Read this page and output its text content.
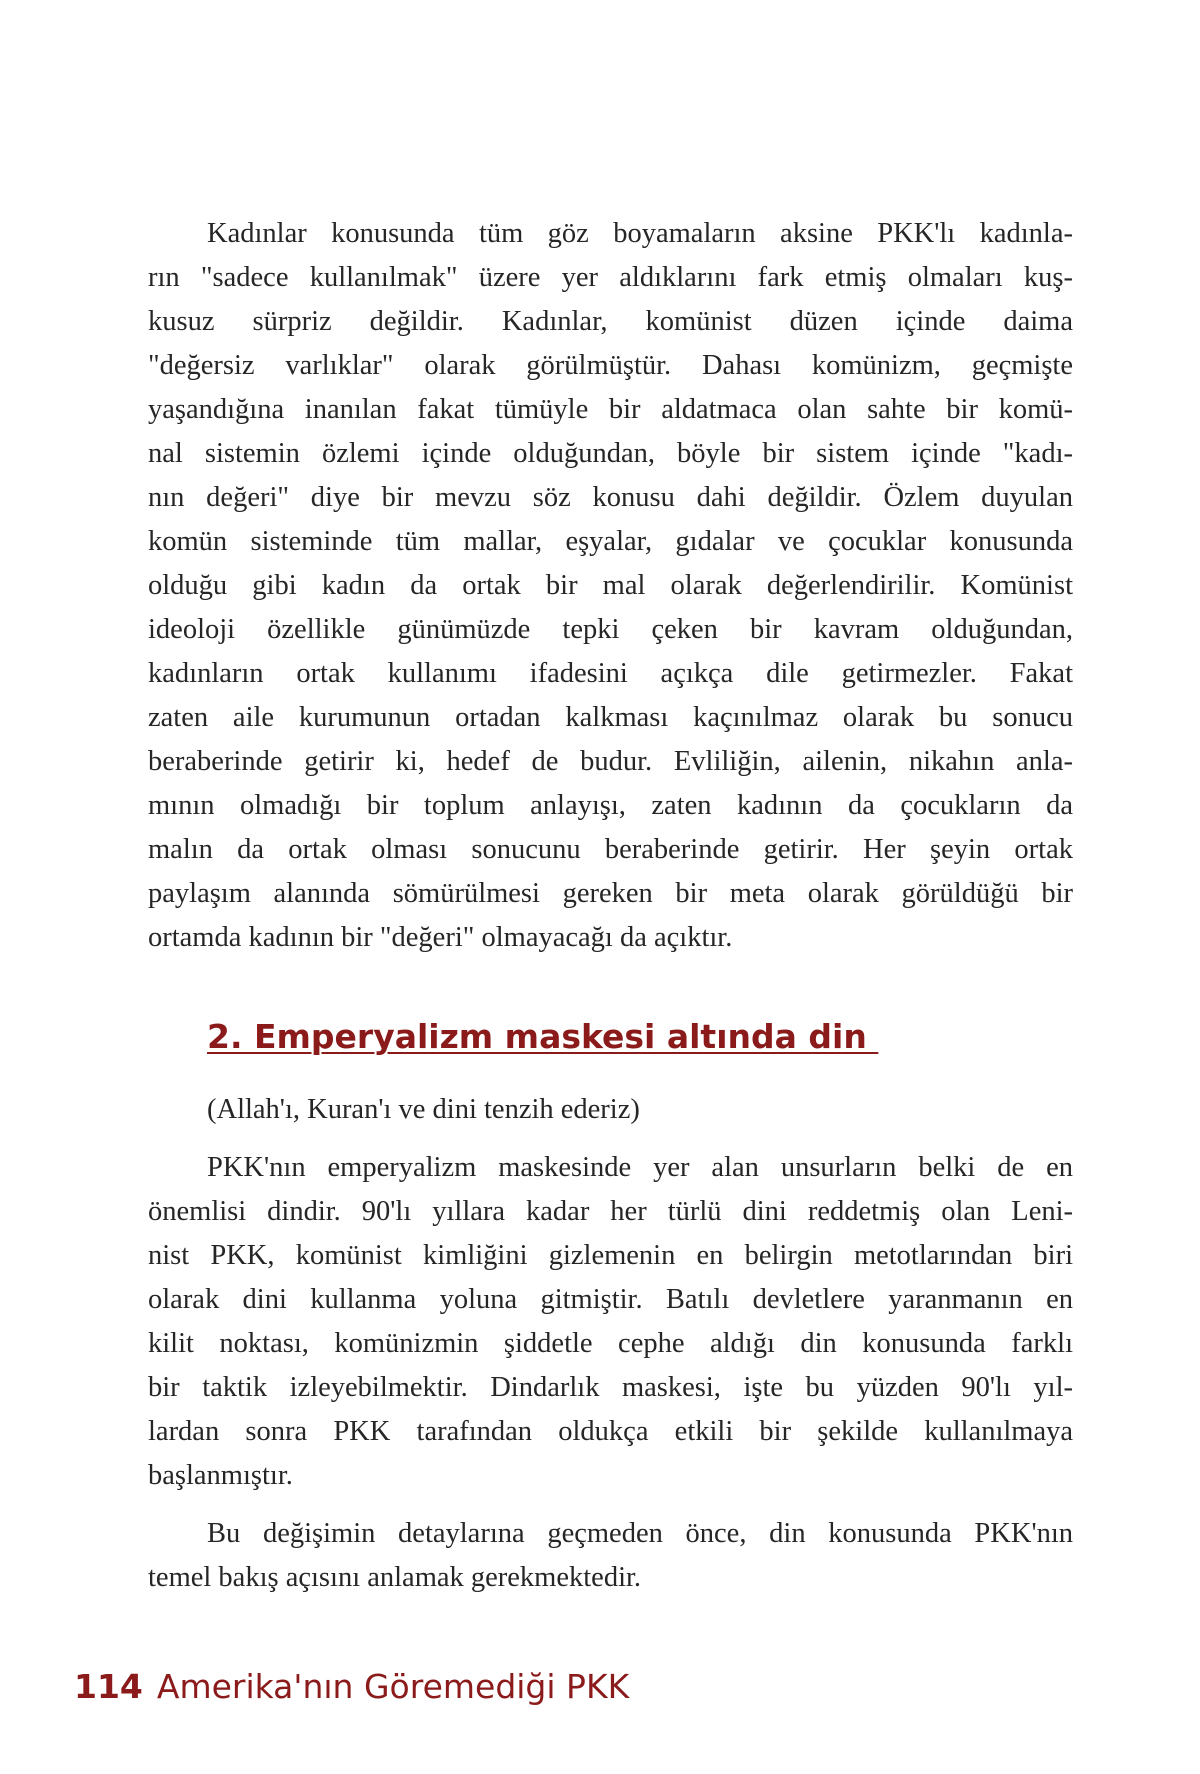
Kadınlar konusunda tüm göz boyamaların aksine PKK'lı kadınla-

rın "sadece kullanılmak" üzere yer aldıklarını fark etmiş olmaları kuş-

kusuz sürpriz değildir. Kadınlar, komünist düzen içinde daima

"değersiz varlıklar" olarak görülmüştür. Dahası komünizm, geçmişte

yaşandığına inanılan fakat tümüyle bir aldatmaca olan sahte bir komü-

nal sistemin özlemi içinde olduğundan, böyle bir sistem içinde "kadı-

nın değeri" diye bir mevzu söz konusu dahi değildir. Özlem duyulan

komün sisteminde tüm mallar, eşyalar, gıdalar ve çocuklar konusunda

olduğu gibi kadın da ortak bir mal olarak değerlendirilir. Komünist

ideoloji özellikle günümüzde tepki çeken bir kavram olduğundan,

kadınların ortak kullanımı ifadesini açıkça dile getirmezler. Fakat

zaten aile kurumunun ortadan kalkması kaçınılmaz olarak bu sonucu

beraberinde getirir ki, hedef de budur. Evliliğin, ailenin, nikahın anla-

mının olmadığı bir toplum anlayışı, zaten kadının da çocukların da

malın da ortak olması sonucunu beraberinde getirir. Her şeyin ortak

paylaşım alanında sömürülmesi gereken bir meta olarak görüldüğü bir

ortamda kadının bir "değeri" olmayacağı da açıktır.

2. Emperyalizm maskesi altında din

(Allah'ı, Kuran'ı ve dini tenzih ederiz)

PKK'nın emperyalizm maskesinde yer alan unsurların belki de en

önemlisi dindir. 90'lı yıllara kadar her türlü dini reddetmiş olan Leni-

nist PKK, komünist kimliğini gizlemenin en belirgin metotlarından biri

olarak dini kullanma yoluna gitmiştir. Batılı devletlere yaranmanın en

kilit noktası, komünizmin şiddetle cephe aldığı din konusunda farklı

bir taktik izleyebilmektir. Dindarlık maskesi, işte bu yüzden 90'lı yıl-

lardan sonra PKK tarafından oldukça etkili bir şekilde kullanılmaya

başlanmıştır.

Bu değişimin detaylarına geçmeden önce, din konusunda PKK'nın

temel bakış açısını anlamak gerekmektedir.

114 Amerika'nın Göremediği PKK
